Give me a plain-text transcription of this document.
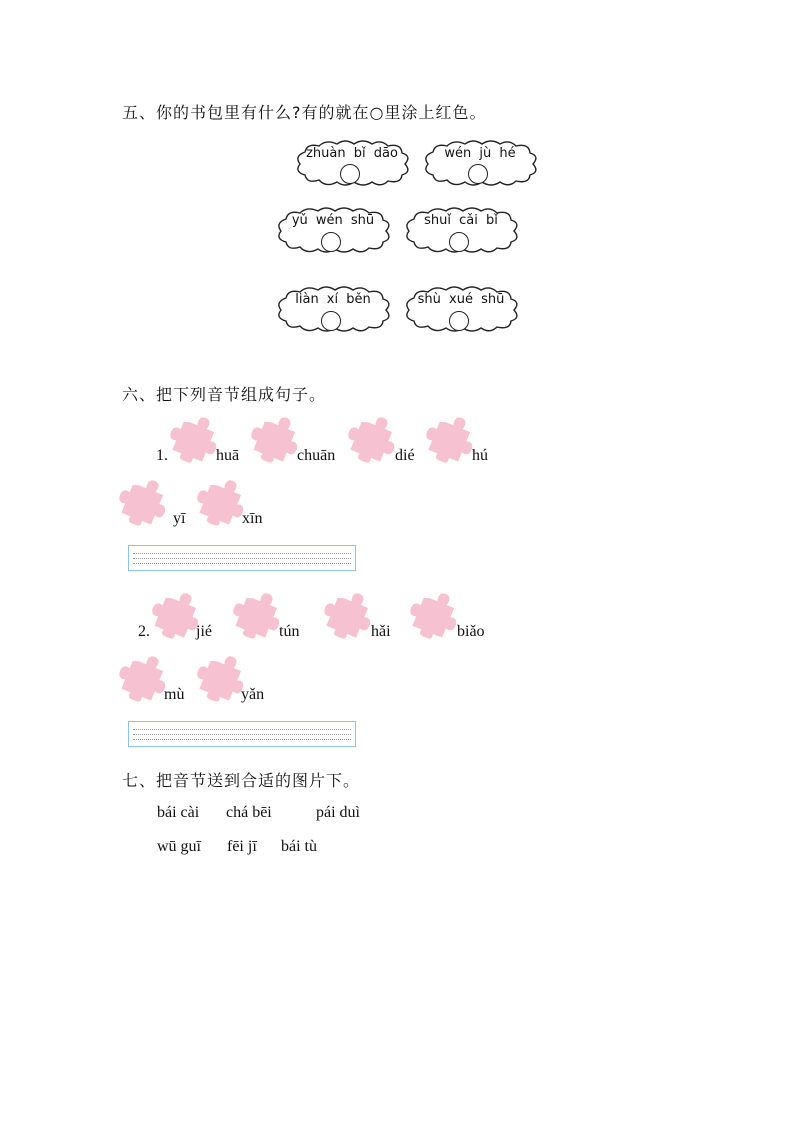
五、你的书包里有什么?有的就在○里涂上红色。
zhuàn bǐ dāo	wén jù hé
yǔ wén shū	shuǐ cǎi bǐ
liàn xí běn	shù xué shū
六、把下列音节组成句子。
1.	huā	chuān	dié	hú
yī	xīn
2.	jié	tún	hǎi	biǎo
mù	yǎn
七、把音节送到合适的图片下。
bái cài chá bēi	pái duì
wū guī fēi jī bái tù
